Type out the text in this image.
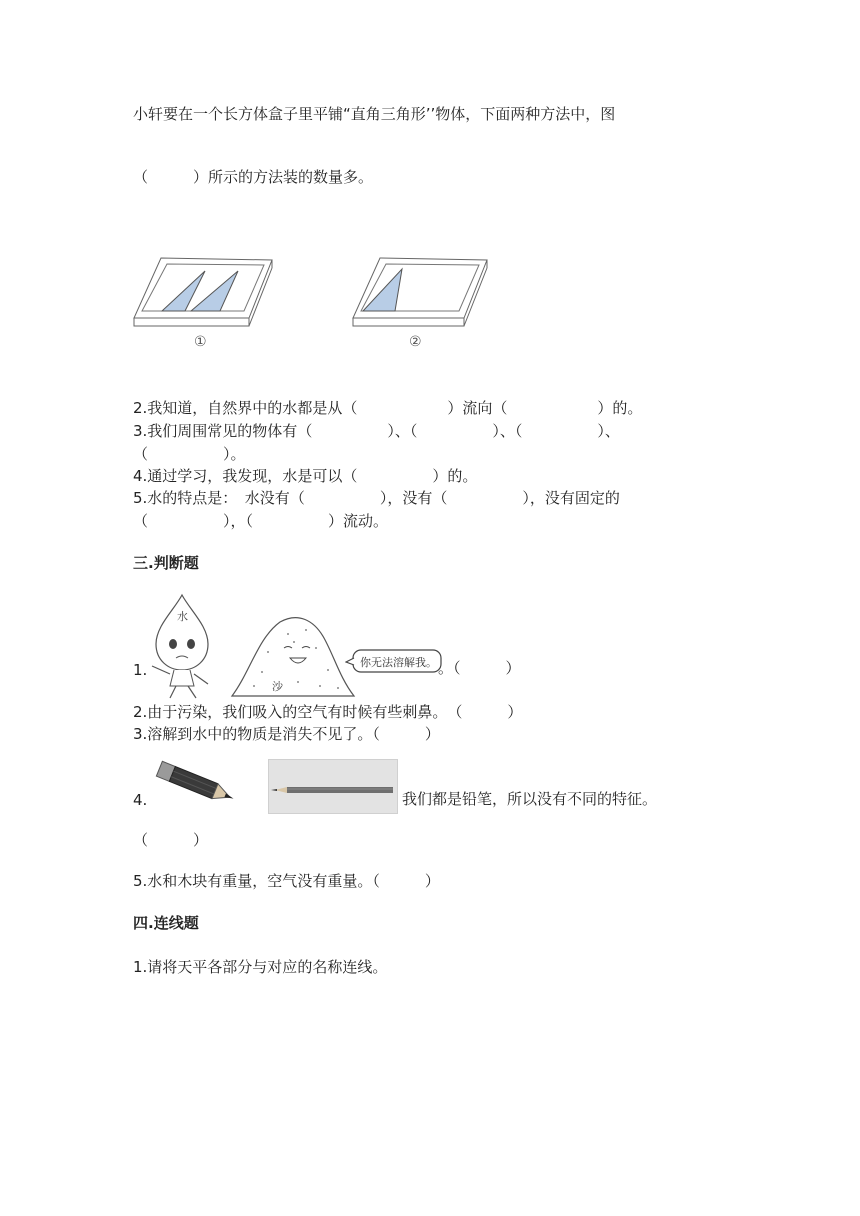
小轩要在一个长方体盒子里平铺“直角三角形’’物体，下面两种方法中，图
（　　　）所示的方法装的数量多。
①	②
2.我知道，自然界中的水都是从（　　　　　　）流向（　　　　　　）的。
3.我们周围常见的物体有（　　　　　）、（　　　　　）、（　　　　　）、
（　　　　　）。
4.通过学习，我发现，水是可以（　　　　　）的。
5.水的特点是：　水没有（　　　　　），没有（　　　　　），没有固定的
（　　　　　），（　　　　　）流动。
三.判断题
1.
水
沙
你无法溶解我。 。（　　　）
2.由于污染，我们吸入的空气有时候有些刺鼻。　（　　　）
3.溶解到水中的物质是消失不见了。（　　　）
4.	我们都是铅笔，所以没有不同的特征。
（　　　）
5.水和木块有重量，空气没有重量。（　　　）
四.连线题
1.请将天平各部分与对应的名称连线。
